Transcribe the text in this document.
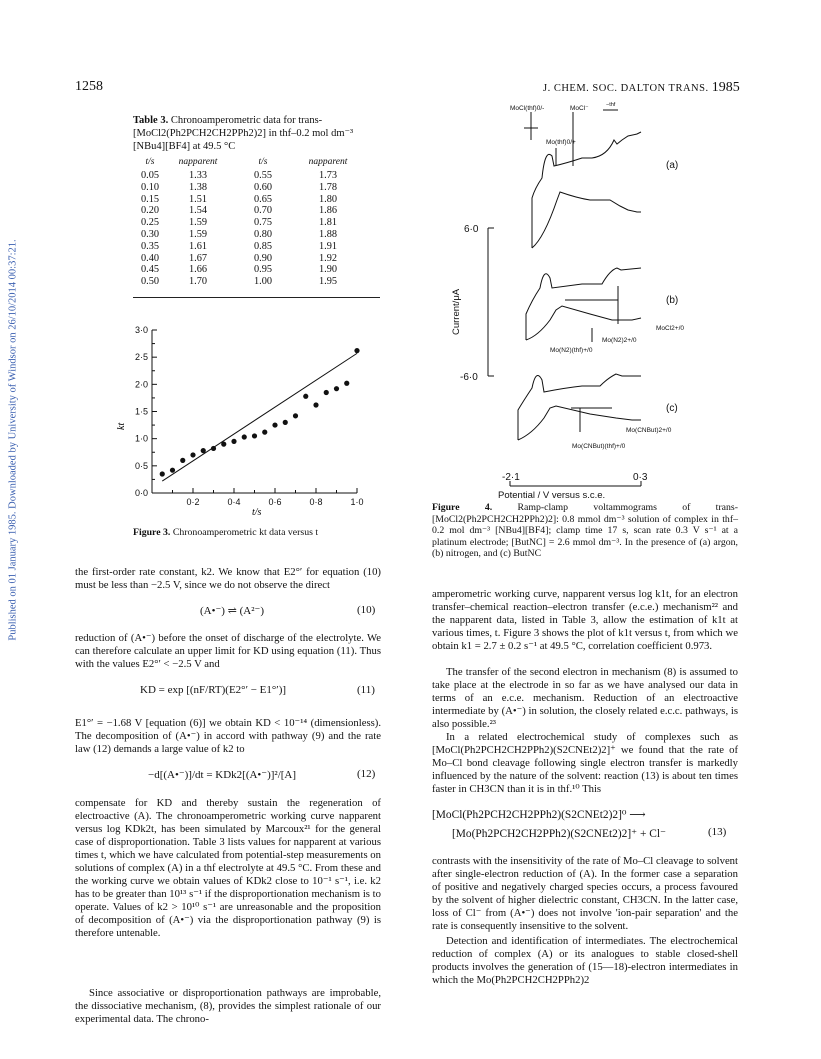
Published on 01 January 1985. Downloaded by University of Windsor on 26/10/2014 00:37:21.
1258	J. CHEM. SOC. DALTON TRANS. 1985
Table 3. Chronoamperometric data for trans-[MoCl2(Ph2PCH2CH2PPh2)2] in thf–0.2 mol dm⁻³ [NBu4][BF4] at 49.5 °C
t/s	napparent	t/s	napparent
0.05	1.33	0.55	1.73
0.10	1.38	0.60	1.78
0.15	1.51	0.65	1.80
0.20	1.54	0.70	1.86
0.25	1.59	0.75	1.81
0.30	1.59	0.80	1.88
0.35	1.61	0.85	1.91
0.40	1.67	0.90	1.92
0.45	1.66	0.95	1.90
0.50	1.70	1.00	1.95
0·0
0·5
1·0
1·5
2·0
2·5
3·0
0·2	0·4	0·6	0·8	1·0
kt
t/s
Figure 3. Chronoamperometric kt data versus t
the first-order rate constant, k2. We know that E2°′ for equation (10) must be less than −2.5 V, since we do not observe the direct
(A•⁻) ⇌ (A²⁻)	(10)
reduction of (A•⁻) before the onset of discharge of the electrolyte. We can therefore calculate an upper limit for KD using equation (11). Thus with the values E2°′ < −2.5 V and
KD = exp [(nF/RT)(E2°′ − E1°′)]	(11)
E1°′ = −1.68 V [equation (6)] we obtain KD < 10⁻¹⁴ (dimensionless). The decomposition of (A•⁻) in accord with pathway (9) and the rate law (12) demands a large value of k2 to
−d[(A•⁻)]/dt = KDk2[(A•⁻)]²/[A]	(12)
compensate for KD and thereby sustain the regeneration of electroactive (A). The chronoamperometric working curve napparent versus log KDk2t, has been simulated by Marcoux²¹ for the general case of disproportionation. Table 3 lists values for napparent at various times t, which we have calculated from potential-step measurements on solutions of complex (A) in a thf electrolyte at 49.5 °C. From these and the working curve we obtain values of KDk2 close to 10⁻¹ s⁻¹, i.e. k2 has to be greater than 10¹³ s⁻¹ if the disproportionation mechanism is to operate. Values of k2 > 10¹⁰ s⁻¹ are unreasonable and the proposition of decomposition of (A•⁻) via the disproportionation pathway (9) is therefore untenable.
Since associative or disproportionation pathways are improbable, the dissociative mechanism, (8), provides the simplest rationale of our experimental data. The chrono-
MoCl(thf)0/-	MoCl⁻	−thf
Mo(thf)0/+
MoCl2+/0
Mo(N2)2+/0
Mo(N2)(thf)+/0
Mo(CNBut)2+/0
Mo(CNBut)(thf)+/0
(a)
(b)
(c)
6·0
-6·0
-2·1	0·3
Potential / V versus s.c.e.
Current/μA
Figure 4.	Ramp-clamp voltammograms of trans-[MoCl2(Ph2PCH2CH2PPh2)2]: 0.8 mmol dm⁻³ solution of complex in thf–0.2 mol dm⁻³ [NBu4][BF4]; clamp time 17 s, scan rate 0.3 V s⁻¹ at a platinum electrode; [ButNC] = 2.6 mmol dm⁻³. In the presence of (a) argon, (b) nitrogen, and (c) ButNC
amperometric working curve, napparent versus log k1t, for an electron transfer–chemical reaction–electron transfer (e.c.e.) mechanism²² and the napparent data, listed in Table 3, allow the estimation of k1t at various times, t. Figure 3 shows the plot of k1t versus t, from which we obtain k1 = 2.7 ± 0.2 s⁻¹ at 49.5 °C, correlation coefficient 0.973.
The transfer of the second electron in mechanism (8) is assumed to take place at the electrode in so far as we have analysed our data in terms of an e.c.e. mechanism. Reduction of an electroactive intermediate by (A•⁻) in solution, the closely related e.c.c. pathways, is also possible.²³
In a related electrochemical study of complexes such as [MoCl(Ph2PCH2CH2PPh2)(S2CNEt2)2]⁺ we found that the rate of Mo–Cl bond cleavage following single electron transfer is markedly influenced by the nature of the solvent: reaction (13) is about ten times faster in CH3CN than it is in thf.¹⁰ This
[MoCl(Ph2PCH2CH2PPh2)(S2CNEt2)2]⁰ ⟶
[Mo(Ph2PCH2CH2PPh2)(S2CNEt2)2]⁺ + Cl⁻	(13)
contrasts with the insensitivity of the rate of Mo–Cl cleavage to solvent after single-electron reduction of (A). In the former case a separation of positive and negatively charged species occurs, a process favoured by the solvent of higher dielectric constant, CH3CN. In the latter case, loss of Cl⁻ from (A•⁻) does not involve 'ion-pair separation' and the rate is consequently insensitive to the solvent.
Detection and identification of intermediates. The electrochemical reduction of complex (A) or its analogues to stable closed-shell products involves the generation of (15—18)-electron intermediates in which the Mo(Ph2PCH2CH2PPh2)2
